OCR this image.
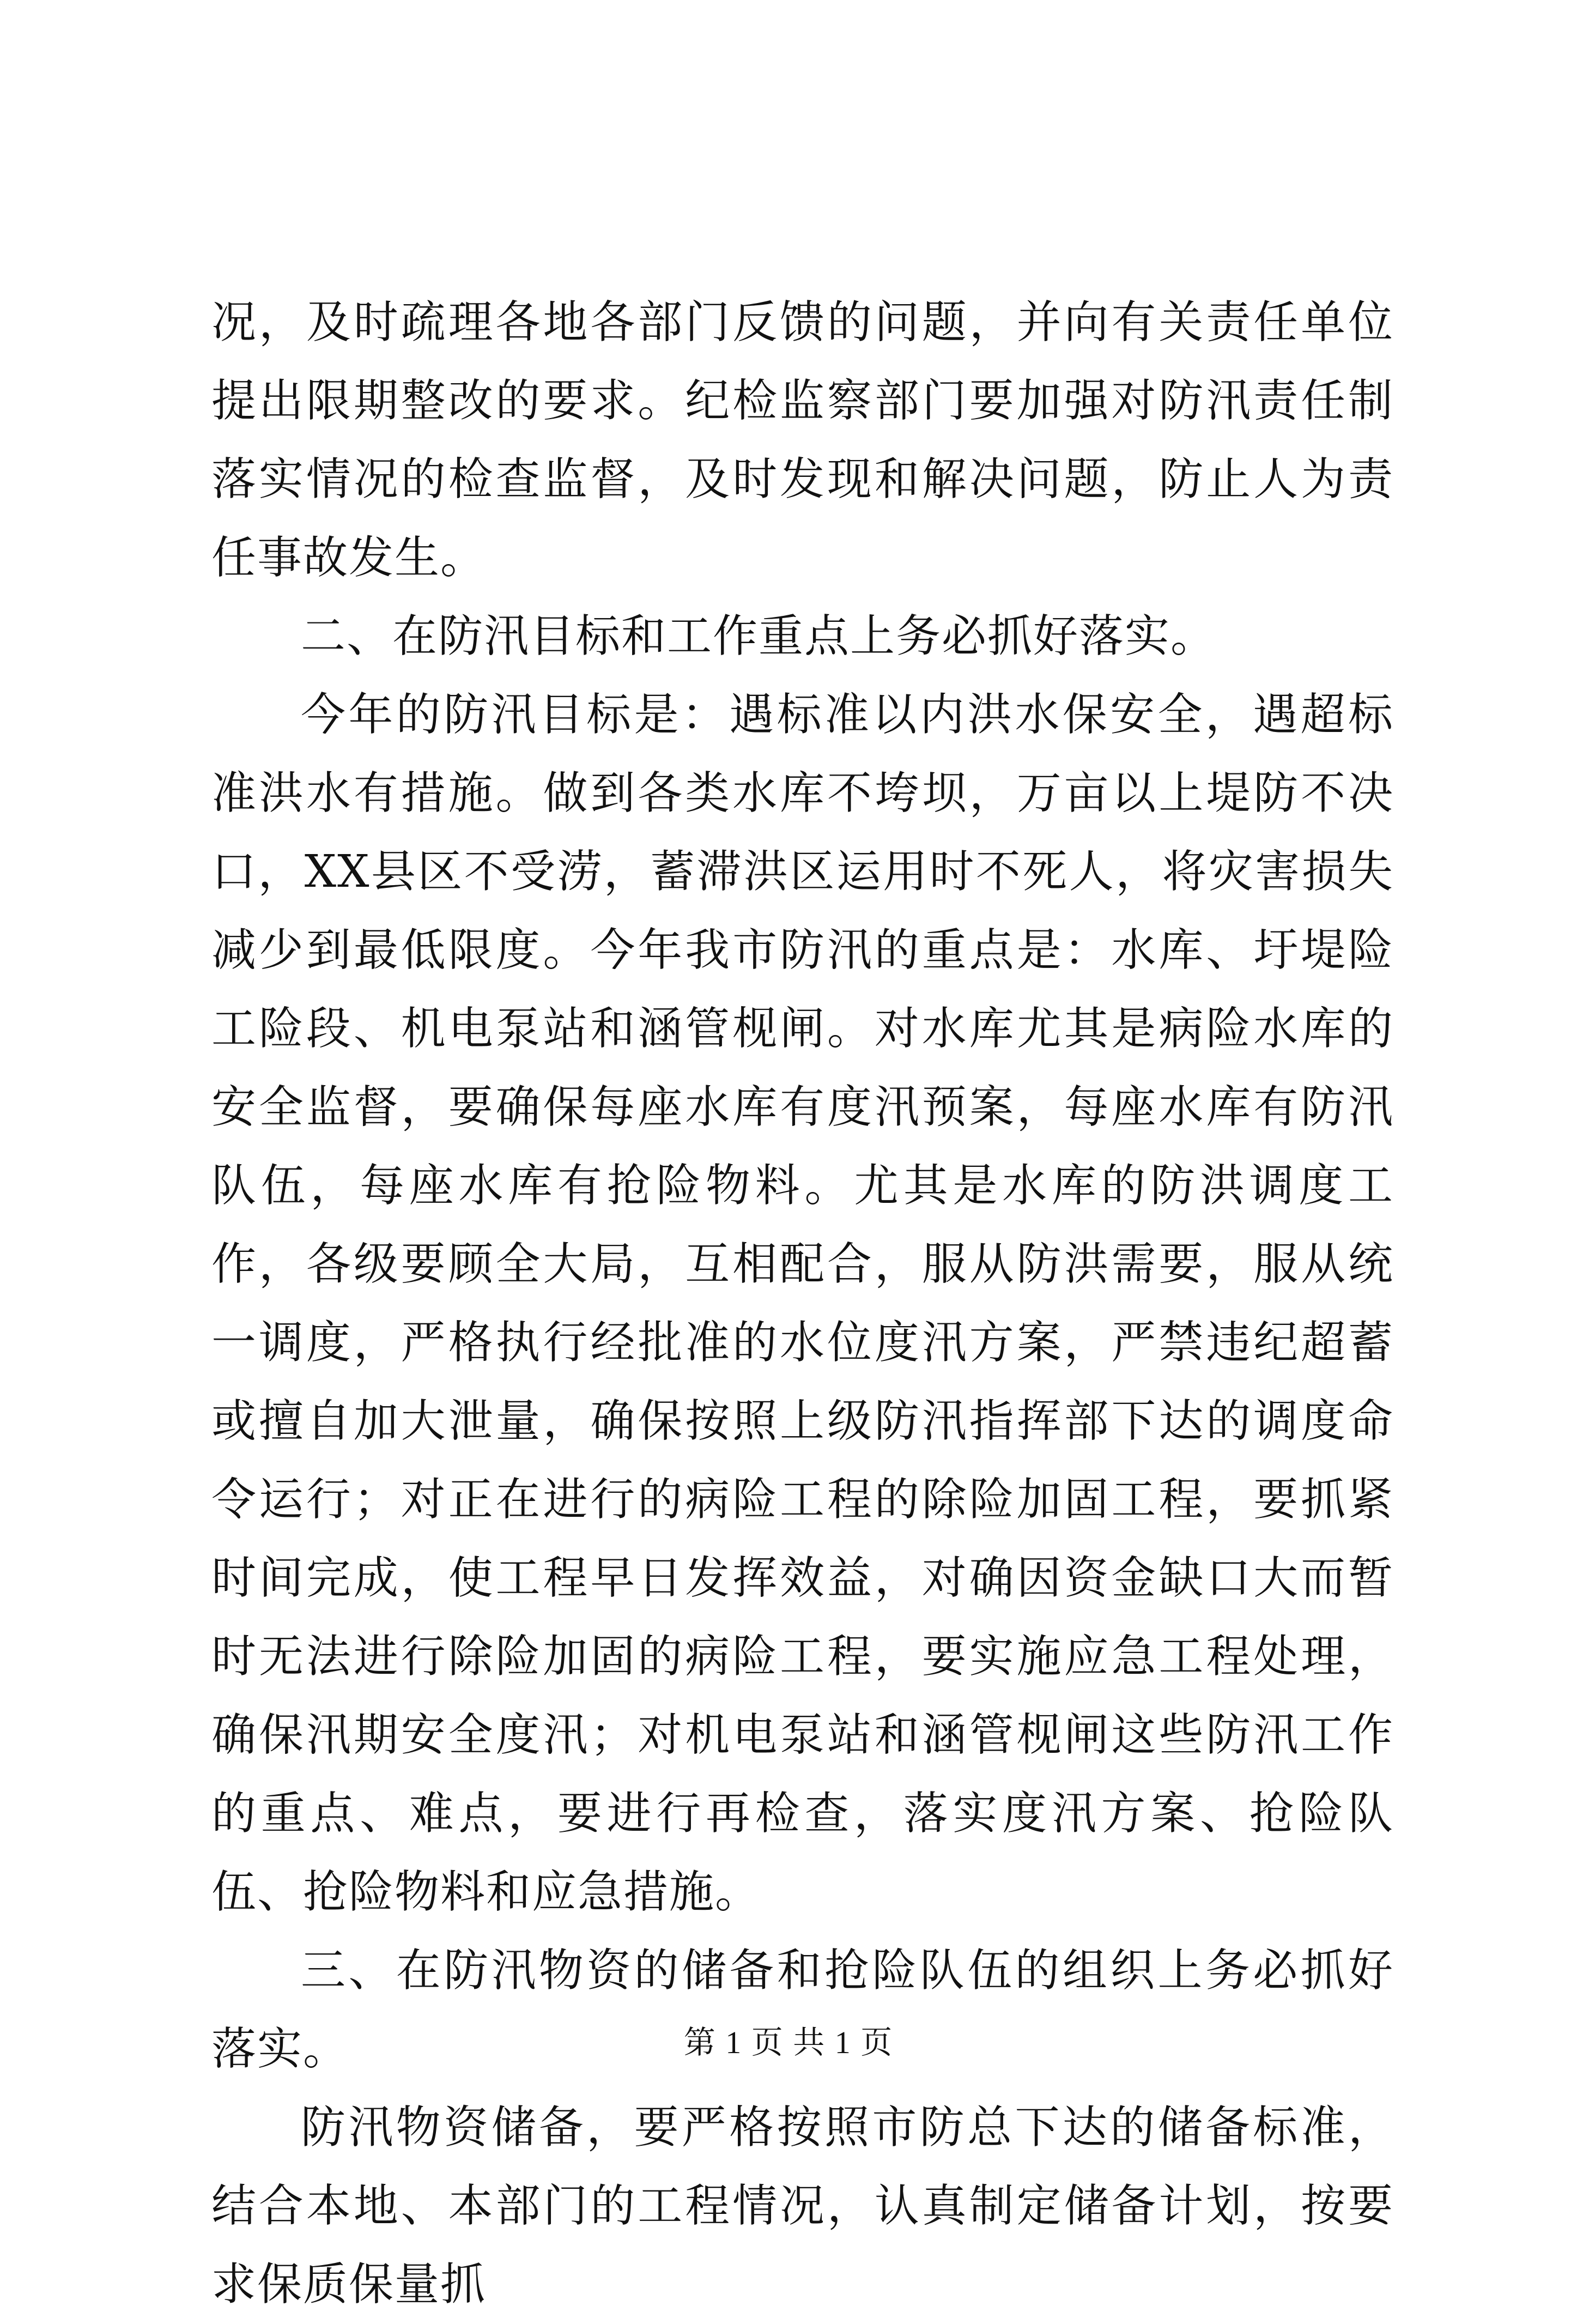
况，及时疏理各地各部门反馈的问题，并向有关责任单位提出限期整改的要求。纪检监察部门要加强对防汛责任制落实情况的检查监督，及时发现和解决问题，防止人为责任事故发生。

二、在防汛目标和工作重点上务必抓好落实。

今年的防汛目标是：遇标准以内洪水保安全，遇超标准洪水有措施。做到各类水库不垮坝，万亩以上堤防不决口，XX县区不受涝，蓄滞洪区运用时不死人，将灾害损失减少到最低限度。今年我市防汛的重点是：水库、圩堤险工险段、机电泵站和涵管枧闸。对水库尤其是病险水库的安全监督，要确保每座水库有度汛预案，每座水库有防汛队伍，每座水库有抢险物料。尤其是水库的防洪调度工作，各级要顾全大局，互相配合，服从防洪需要，服从统一调度，严格执行经批准的水位度汛方案，严禁违纪超蓄或擅自加大泄量，确保按照上级防汛指挥部下达的调度命令运行；对正在进行的病险工程的除险加固工程，要抓紧时间完成，使工程早日发挥效益，对确因资金缺口大而暂时无法进行除险加固的病险工程，要实施应急工程处理，确保汛期安全度汛；对机电泵站和涵管枧闸这些防汛工作的重点、难点，要进行再检查，落实度汛方案、抢险队伍、抢险物料和应急措施。

三、在防汛物资的储备和抢险队伍的组织上务必抓好落实。

防汛物资储备，要严格按照市防总下达的储备标准，结合本地、本部门的工程情况，认真制定储备计划，按要求保质保量抓

第 1 页 共 1 页
